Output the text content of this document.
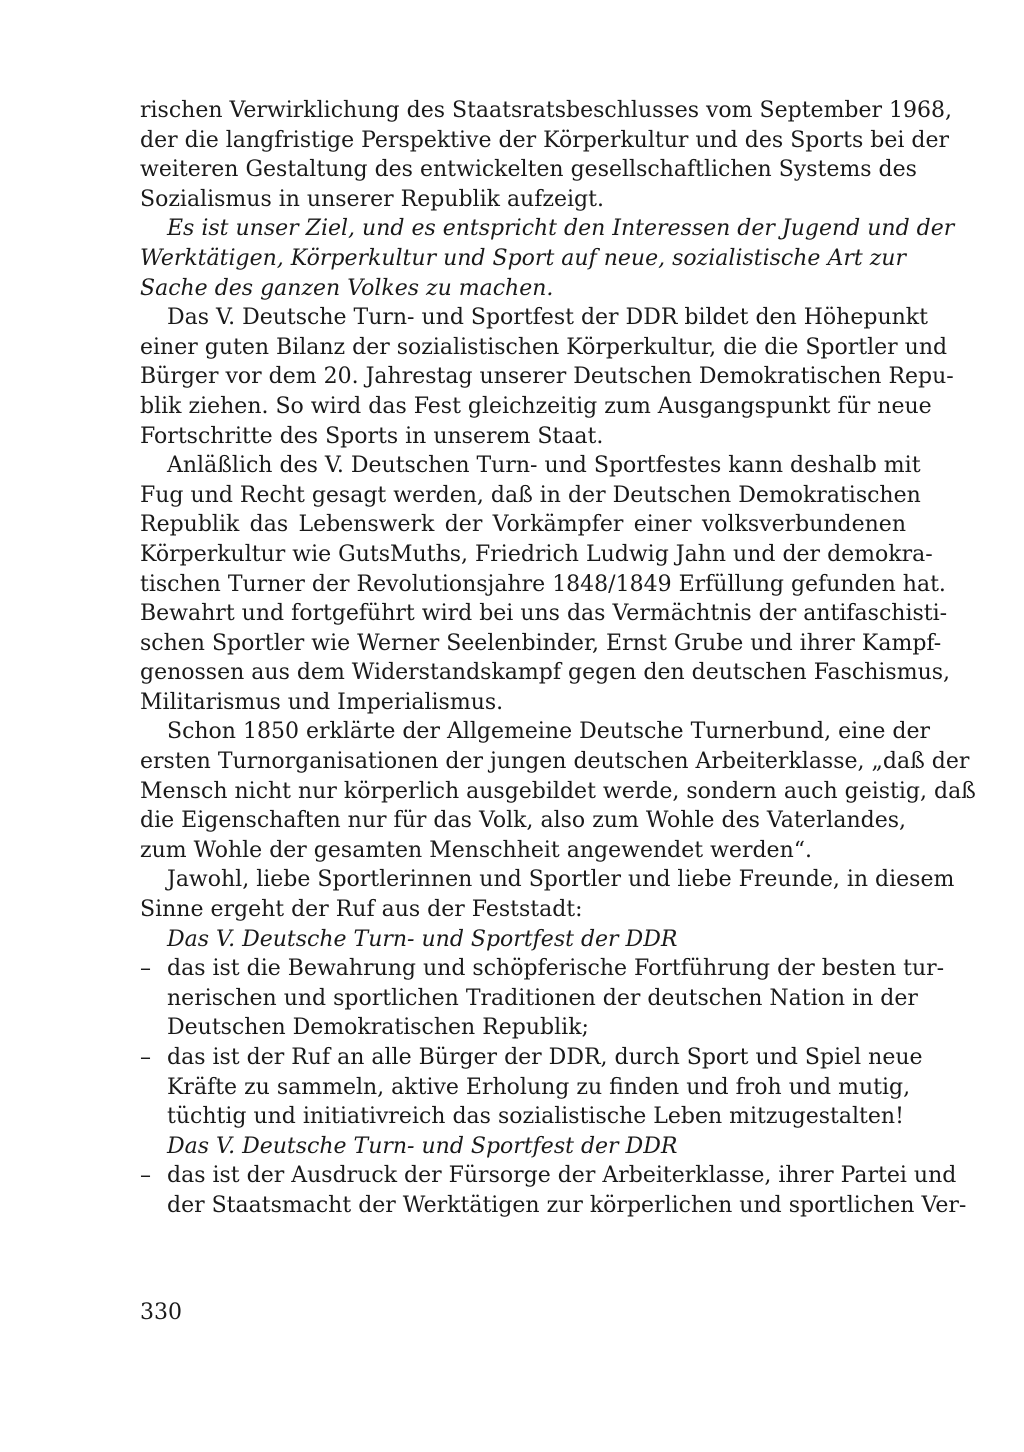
rischen Verwirklichung des Staatsratsbeschlusses vom September 1968,
der die langfristige Perspektive der Körperkultur und des Sports bei der
weiteren Gestaltung des entwickelten gesellschaftlichen Systems des
Sozialismus in unserer Republik aufzeigt.
Es ist unser Ziel, und es entspricht den Interessen der Jugend und der
Werktätigen, Körperkultur und Sport auf neue, sozialistische Art zur
Sache des ganzen Volkes zu machen.
Das V. Deutsche Turn- und Sportfest der DDR bildet den Höhepunkt
einer guten Bilanz der sozialistischen Körperkultur, die die Sportler und
Bürger vor dem 20. Jahrestag unserer Deutschen Demokratischen Repu-
blik ziehen. So wird das Fest gleichzeitig zum Ausgangspunkt für neue
Fortschritte des Sports in unserem Staat.
Anläßlich des V. Deutschen Turn- und Sportfestes kann deshalb mit
Fug und Recht gesagt werden, daß in der Deutschen Demokratischen
Republik das Lebenswerk der Vorkämpfer einer volksverbundenen
Körperkultur wie GutsMuths, Friedrich Ludwig Jahn und der demokra-
tischen Turner der Revolutionsjahre 1848/1849 Erfüllung gefunden hat.
Bewahrt und fortgeführt wird bei uns das Vermächtnis der antifaschisti-
schen Sportler wie Werner Seelenbinder, Ernst Grube und ihrer Kampf-
genossen aus dem Widerstandskampf gegen den deutschen Faschismus,
Militarismus und Imperialismus.
Schon 1850 erklärte der Allgemeine Deutsche Turnerbund, eine der
ersten Turnorganisationen der jungen deutschen Arbeiterklasse, „daß der
Mensch nicht nur körperlich ausgebildet werde, sondern auch geistig, daß
die Eigenschaften nur für das Volk, also zum Wohle des Vaterlandes,
zum Wohle der gesamten Menschheit angewendet werden“.
Jawohl, liebe Sportlerinnen und Sportler und liebe Freunde, in diesem
Sinne ergeht der Ruf aus der Feststadt:
Das V. Deutsche Turn- und Sportfest der DDR
– das ist die Bewahrung und schöpferische Fortführung der besten tur-
nerischen und sportlichen Traditionen der deutschen Nation in der
Deutschen Demokratischen Republik;
– das ist der Ruf an alle Bürger der DDR, durch Sport und Spiel neue
Kräfte zu sammeln, aktive Erholung zu finden und froh und mutig,
tüchtig und initiativreich das sozialistische Leben mitzugestalten!
Das V. Deutsche Turn- und Sportfest der DDR
– das ist der Ausdruck der Fürsorge der Arbeiterklasse, ihrer Partei und
der Staatsmacht der Werktätigen zur körperlichen und sportlichen Ver-
330
